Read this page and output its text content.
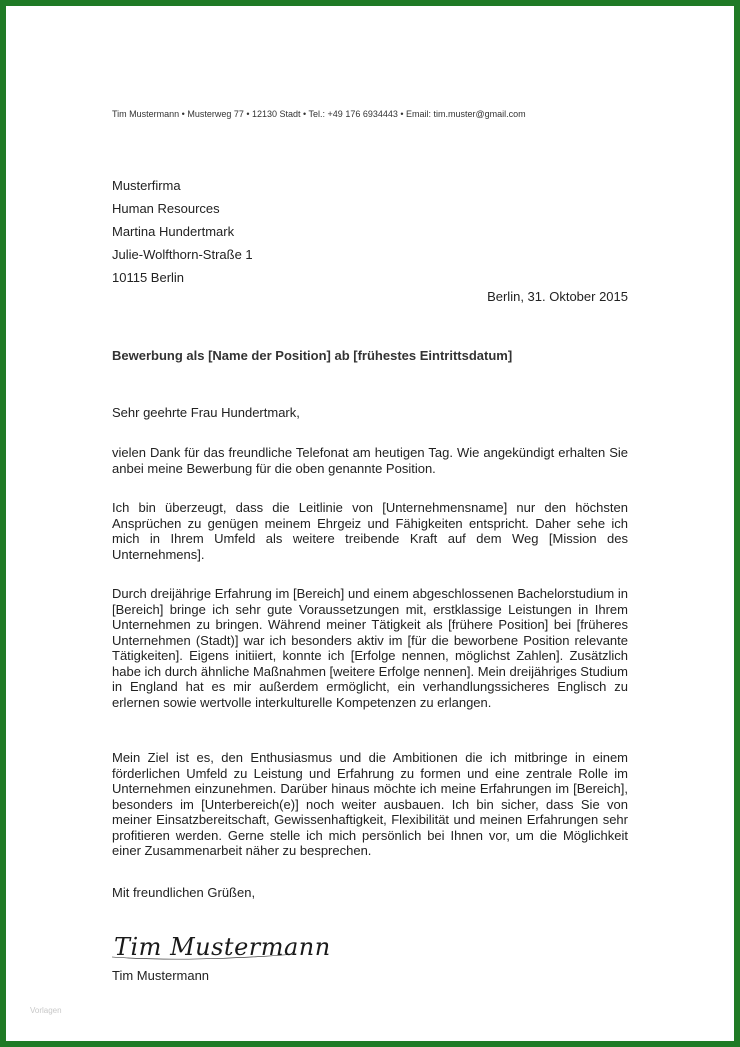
Tim Mustermann • Musterweg 77 • 12130 Stadt • Tel.: +49 176 6934443 • Email: tim.muster@gmail.com
Musterfirma
Human Resources
Martina Hundertmark
Julie-Wolfthorn-Straße 1
10115 Berlin
Berlin, 31. Oktober 2015
Bewerbung als [Name der Position] ab [frühestes Eintrittsdatum]
Sehr geehrte Frau Hundertmark,
vielen Dank für das freundliche Telefonat am heutigen Tag. Wie angekündigt erhalten Sie anbei meine Bewerbung für die oben genannte Position.
Ich bin überzeugt, dass die Leitlinie von [Unternehmensname] nur den höchsten Ansprüchen zu genügen meinem Ehrgeiz und Fähigkeiten entspricht. Daher sehe ich mich in Ihrem Umfeld als weitere treibende Kraft auf dem Weg [Mission des Unternehmens].
Durch dreijährige Erfahrung im [Bereich] und einem abgeschlossenen Bachelorstudium in [Bereich] bringe ich sehr gute Voraussetzungen mit, erstklassige Leistungen in Ihrem Unternehmen zu bringen. Während meiner Tätigkeit als [frühere Position] bei [früheres Unternehmen (Stadt)] war ich besonders aktiv im [für die beworbene Position relevante Tätigkeiten]. Eigens initiiert, konnte ich [Erfolge nennen, möglichst Zahlen]. Zusätzlich habe ich durch ähnliche Maßnahmen [weitere Erfolge nennen]. Mein dreijähriges Studium in England hat es mir außerdem ermöglicht, ein verhandlungssicheres Englisch zu erlernen sowie wertvolle interkulturelle Kompetenzen zu erlangen.
Mein Ziel ist es, den Enthusiasmus und die Ambitionen die ich mitbringe in einem förderlichen Umfeld zu Leistung und Erfahrung zu formen und eine zentrale Rolle im Unternehmen einzunehmen. Darüber hinaus möchte ich meine Erfahrungen im [Bereich], besonders im [Unterbereich(e)] noch weiter ausbauen. Ich bin sicher, dass Sie von meiner Einsatzbereitschaft, Gewissenhaftigkeit, Flexibilität und meinen Erfahrungen sehr profitieren werden. Gerne stelle ich mich persönlich bei Ihnen vor, um die Möglichkeit einer Zusammenarbeit näher zu besprechen.
Mit freundlichen Grüßen,
Tim Mustermann
Tim Mustermann
Vorlagen
